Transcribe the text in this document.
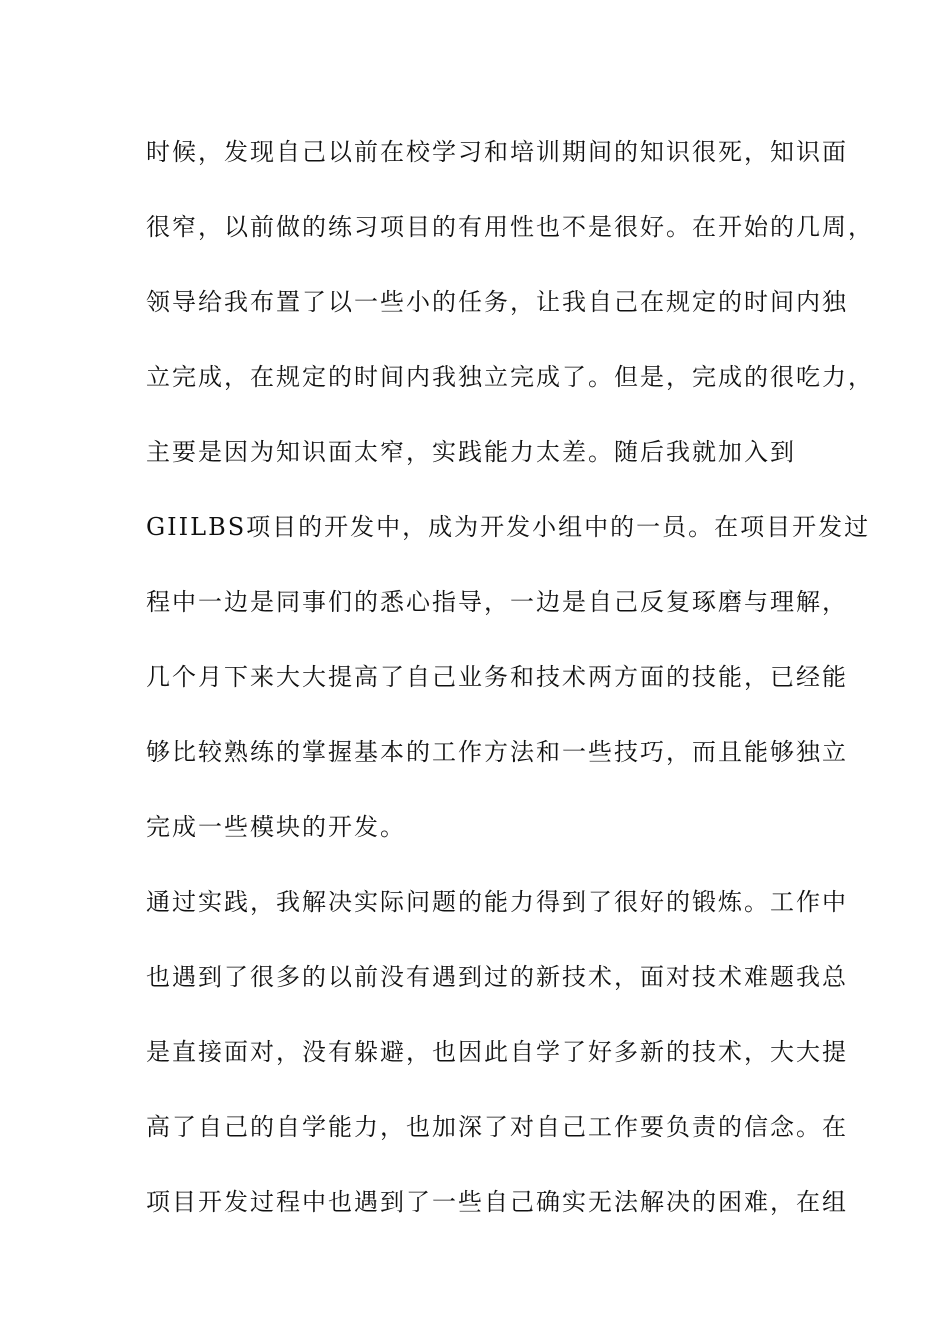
时候，发现自己以前在校学习和培训期间的知识很死，知识面
很窄，以前做的练习项目的有用性也不是很好。在开始的几周，
领导给我布置了以一些小的任务，让我自己在规定的时间内独
立完成，在规定的时间内我独立完成了。但是，完成的很吃力，
主要是因为知识面太窄，实践能力太差。随后我就加入到
GIILBS项目的开发中，成为开发小组中的一员。在项目开发过
程中一边是同事们的悉心指导，一边是自己反复琢磨与理解，
几个月下来大大提高了自己业务和技术两方面的技能，已经能
够比较熟练的掌握基本的工作方法和一些技巧，而且能够独立
完成一些模块的开发。
通过实践，我解决实际问题的能力得到了很好的锻炼。工作中
也遇到了很多的以前没有遇到过的新技术，面对技术难题我总
是直接面对，没有躲避，也因此自学了好多新的技术，大大提
高了自己的自学能力，也加深了对自己工作要负责的信念。在
项目开发过程中也遇到了一些自己确实无法解决的困难，在组
